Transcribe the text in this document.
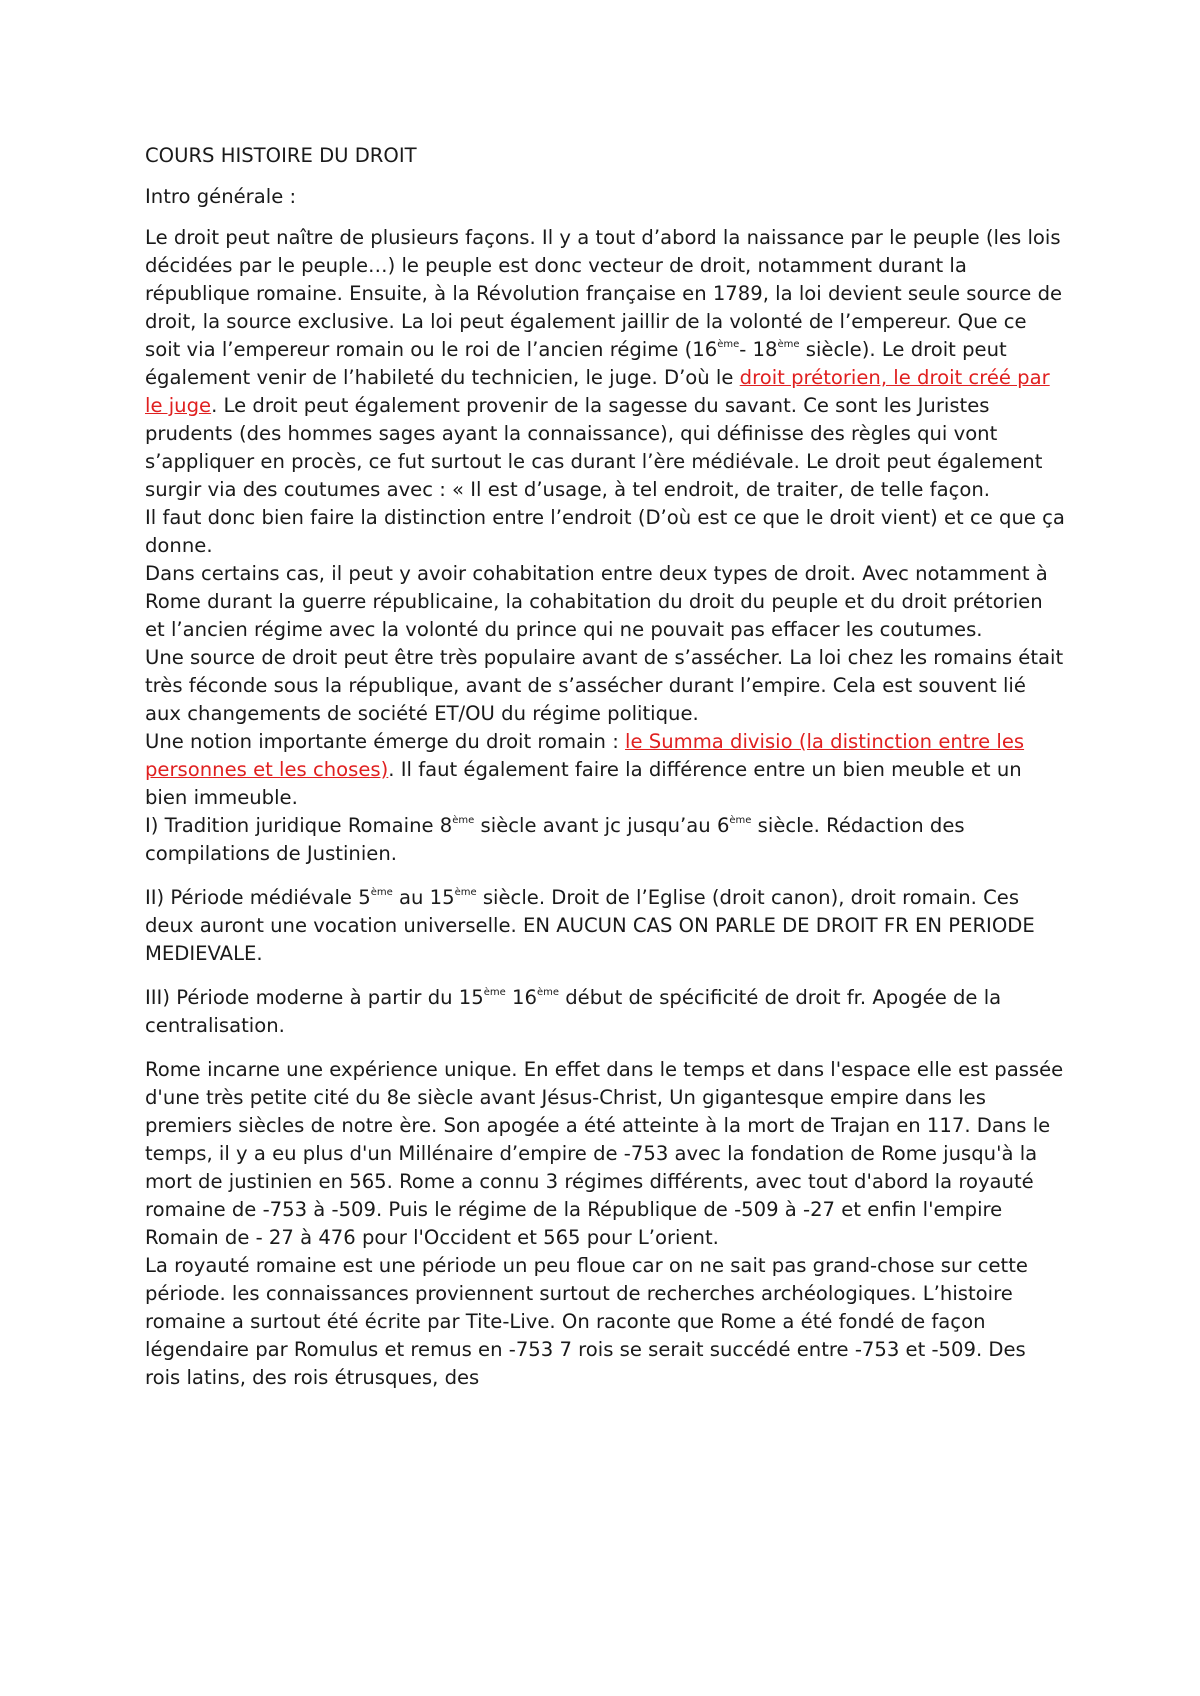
COURS HISTOIRE DU DROIT

Intro générale :

Le droit peut naître de plusieurs façons. Il y a tout d’abord la naissance par le peuple (les lois décidées par le peuple…) le peuple est donc vecteur de droit, notamment durant la république romaine. Ensuite, à la Révolution française en 1789, la loi devient seule source de droit, la source exclusive. La loi peut également jaillir de la volonté de l’empereur. Que ce soit via l’empereur romain ou le roi de l’ancien régime (16ème- 18ème siècle). Le droit peut également venir de l’habileté du technicien, le juge. D’où le droit prétorien, le droit créé par le juge. Le droit peut également provenir de la sagesse du savant. Ce sont les Juristes prudents (des hommes sages ayant la connaissance), qui définisse des règles qui vont s’appliquer en procès, ce fut surtout le cas durant l’ère médiévale. Le droit peut également surgir via des coutumes avec : « Il est d’usage, à tel endroit, de traiter, de telle façon.

Il faut donc bien faire la distinction entre l’endroit (D’où est ce que le droit vient) et ce que ça donne.

Dans certains cas, il peut y avoir cohabitation entre deux types de droit. Avec notamment à Rome durant la guerre républicaine, la cohabitation du droit du peuple et du droit prétorien et l’ancien régime avec la volonté du prince qui ne pouvait pas effacer les coutumes.

Une source de droit peut être très populaire avant de s’assécher. La loi chez les romains était très féconde sous la république, avant de s’assécher durant l’empire. Cela est souvent lié aux changements de société ET/OU du régime politique.

Une notion importante émerge du droit romain : le Summa divisio (la distinction entre les personnes et les choses). Il faut également faire la différence entre un bien meuble et un bien immeuble.

I) Tradition juridique Romaine 8ème siècle avant jc jusqu’au 6ème siècle. Rédaction des compilations de Justinien.

II) Période médiévale 5ème au 15ème siècle. Droit de l’Eglise (droit canon), droit romain. Ces deux auront une vocation universelle. EN AUCUN CAS ON PARLE DE DROIT FR EN PERIODE MEDIEVALE.

III) Période moderne à partir du 15ème 16ème début de spécificité de droit fr. Apogée de la centralisation.

Rome incarne une expérience unique. En effet dans le temps et dans l'espace elle est passée d'une très petite cité du 8e siècle avant Jésus-Christ, Un gigantesque empire dans les premiers siècles de notre ère. Son apogée a été atteinte à la mort de Trajan en 117. Dans le temps, il y a eu plus d'un Millénaire d’empire de -753 avec la fondation de Rome jusqu'à la mort de justinien en 565. Rome a connu 3 régimes différents, avec tout d'abord la royauté romaine de -753 à -509. Puis le régime de la République de -509 à -27 et enfin l'empire Romain de - 27 à 476 pour l'Occident et 565 pour L’orient.

La royauté romaine est une période un peu floue car on ne sait pas grand-chose sur cette période. les connaissances proviennent surtout de recherches archéologiques. L’histoire romaine a surtout été écrite par Tite-Live. On raconte que Rome a été fondé de façon légendaire par Romulus et remus en -753 7 rois se serait succédé entre -753 et -509. Des rois latins, des rois étrusques, des
